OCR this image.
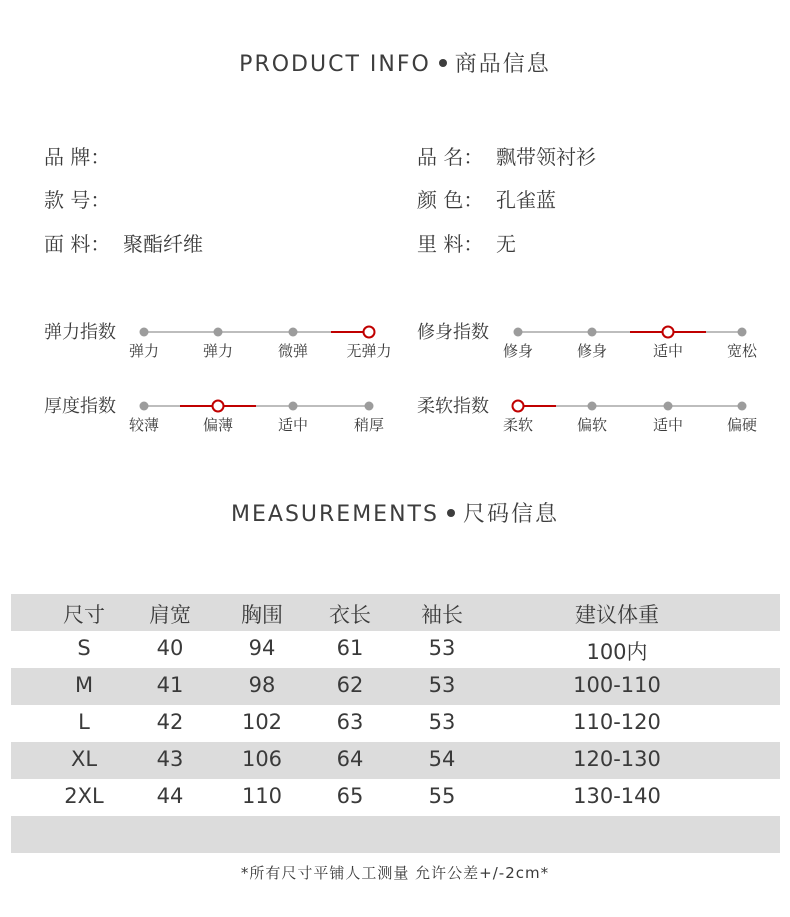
PRODUCT INFO 商品信息
品 牌：
款 号：
面 料： 聚酯纤维
品 名： 飘带领衬衫
颜 色： 孔雀蓝
里 料： 无
弹力指数
弹力	弹力	微弹	无弹力
修身指数
修身	修身	适中	宽松
厚度指数
较薄	偏薄	适中	稍厚
柔软指数
柔软	偏软	适中	偏硬
MEASUREMENTS 尺码信息
尺寸 肩宽 胸围 衣长 袖长	建议体重
S	40	94	61	53	100内
M	41	98	62	53	100-110
L	42	102	63	53	110-120
XL	43	106	64	54	120-130
2XL	44	110	65	55	130-140
*所有尺寸平铺人工测量 允许公差+/-2cm*
